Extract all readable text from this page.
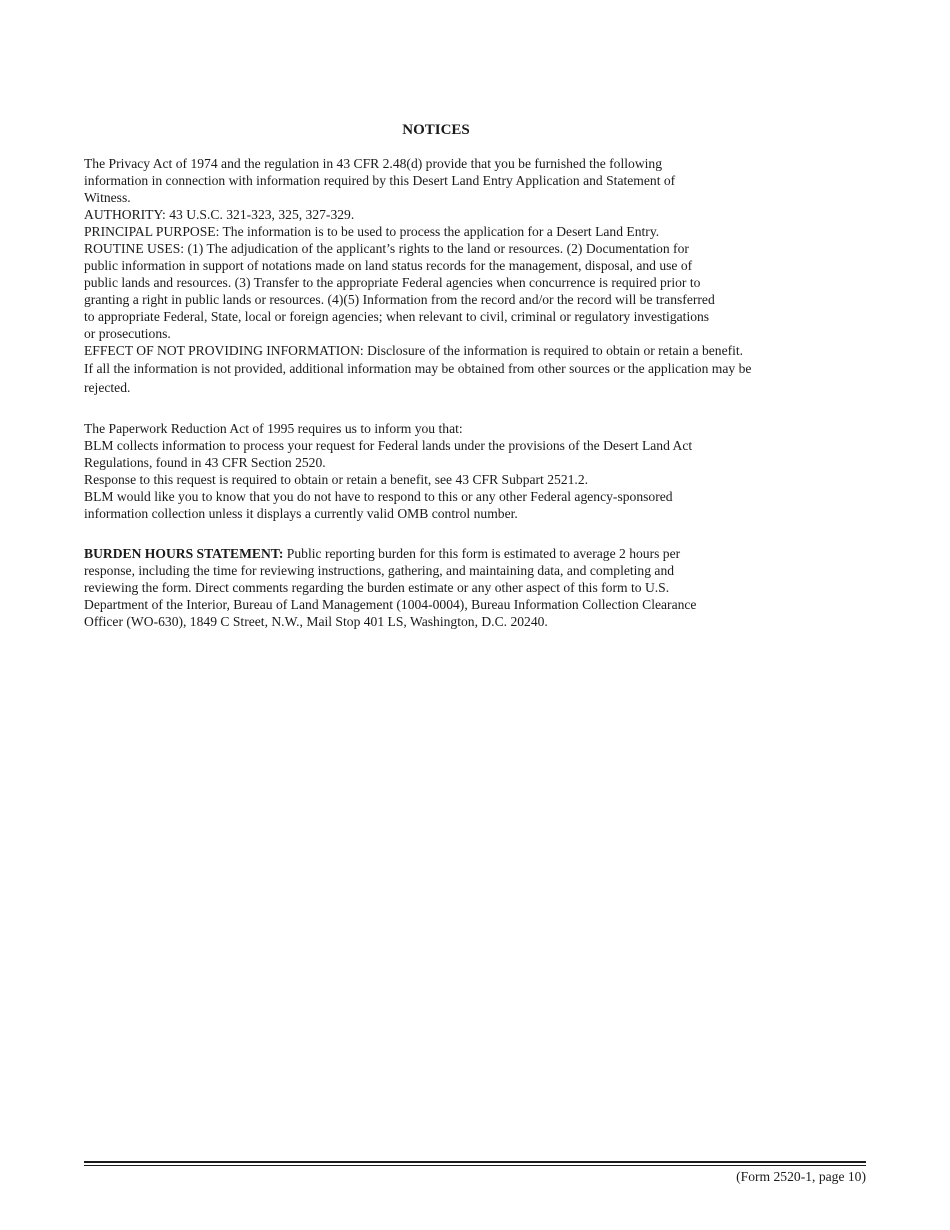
NOTICES
The Privacy Act of 1974 and the regulation in 43 CFR 2.48(d) provide that you be furnished the following
information in connection with information required by this Desert Land Entry Application and Statement of
Witness.
AUTHORITY: 43 U.S.C. 321-323, 325, 327-329.
PRINCIPAL PURPOSE: The information is to be used to process the application for a Desert Land Entry.
ROUTINE USES: (1) The adjudication of the applicant’s rights to the land or resources. (2) Documentation for
public information in support of notations made on land status records for the management, disposal, and use of
public lands and resources. (3) Transfer to the appropriate Federal agencies when concurrence is required prior to
granting a right in public lands or resources. (4)(5) Information from the record and/or the record will be transferred
to appropriate Federal, State, local or foreign agencies; when relevant to civil, criminal or regulatory investigations
or prosecutions.
EFFECT OF NOT PROVIDING INFORMATION: Disclosure of the information is required to obtain or retain a benefit.
If all the information is not provided, additional information may be obtained from other sources or the application may be
rejected.
The Paperwork Reduction Act of 1995 requires us to inform you that:
BLM collects information to process your request for Federal lands under the provisions of the Desert Land Act
Regulations, found in 43 CFR Section 2520.
Response to this request is required to obtain or retain a benefit, see 43 CFR Subpart 2521.2.
BLM would like you to know that you do not have to respond to this or any other Federal agency-sponsored
information collection unless it displays a currently valid OMB control number.
BURDEN HOURS STATEMENT: Public reporting burden for this form is estimated to average 2 hours per
response, including the time for reviewing instructions, gathering, and maintaining data, and completing and
reviewing the form. Direct comments regarding the burden estimate or any other aspect of this form to U.S.
Department of the Interior, Bureau of Land Management (1004-0004), Bureau Information Collection Clearance
Officer (WO-630), 1849 C Street, N.W., Mail Stop 401 LS, Washington, D.C. 20240.
(Form 2520-1, page 10)
